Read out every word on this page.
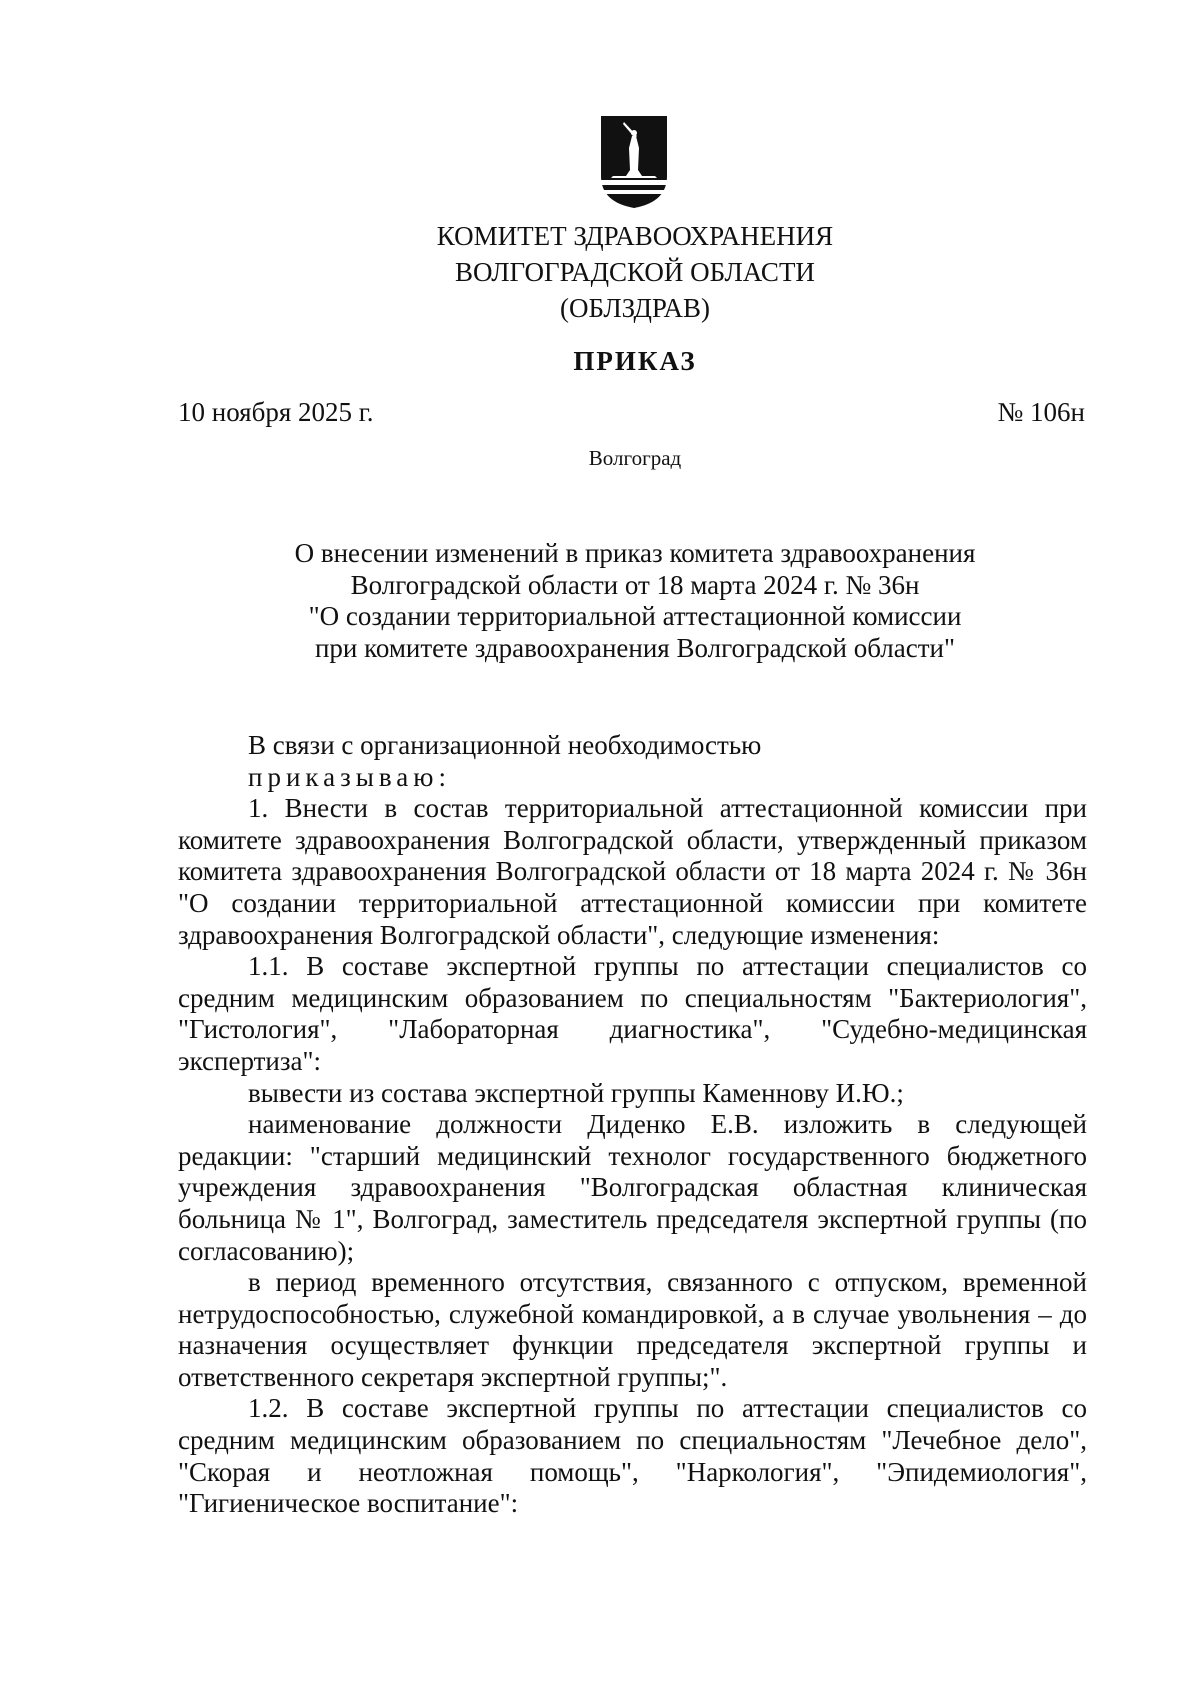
КОМИТЕТ ЗДРАВООХРАНЕНИЯ
ВОЛГОГРАДСКОЙ ОБЛАСТИ
(ОБЛЗДРАВ)
ПРИКАЗ
10 ноября 2025 г.	№ 106н
Волгоград
О внесении изменений в приказ комитета здравоохранения
Волгоградской области от 18 марта 2024 г. № 36н
"О создании территориальной аттестационной комиссии
при комитете здравоохранения Волгоградской области"

В связи с организационной необходимостью

приказываю:

1. Внести в состав территориальной аттестационной комиссии при комитете здравоохранения Волгоградской области, утвержденный приказом комитета здравоохранения Волгоградской области от 18 марта 2024 г. № 36н "О создании территориальной аттестационной комиссии при комитете здравоохранения Волгоградской области", следующие изменения:

1.1. В составе экспертной группы по аттестации специалистов со средним медицинским образованием по специальностям "Бактериология", "Гистология", "Лабораторная диагностика", "Судебно-медицинская экспертиза":

вывести из состава экспертной группы Каменнову И.Ю.;

наименование должности Диденко Е.В. изложить в следующей редакции: "старший медицинский технолог государственного бюджетного учреждения здравоохранения "Волгоградская областная клиническая больница № 1", Волгоград, заместитель председателя экспертной группы (по согласованию);

в период временного отсутствия, связанного с отпуском, временной нетрудоспособностью, служебной командировкой, а в случае увольнения – до назначения осуществляет функции председателя экспертной группы и ответственного секретаря экспертной группы;".

1.2. В составе экспертной группы по аттестации специалистов со средним медицинским образованием по специальностям "Лечебное дело", "Скорая и неотложная помощь", "Наркология", "Эпидемиология", "Гигиеническое воспитание":
